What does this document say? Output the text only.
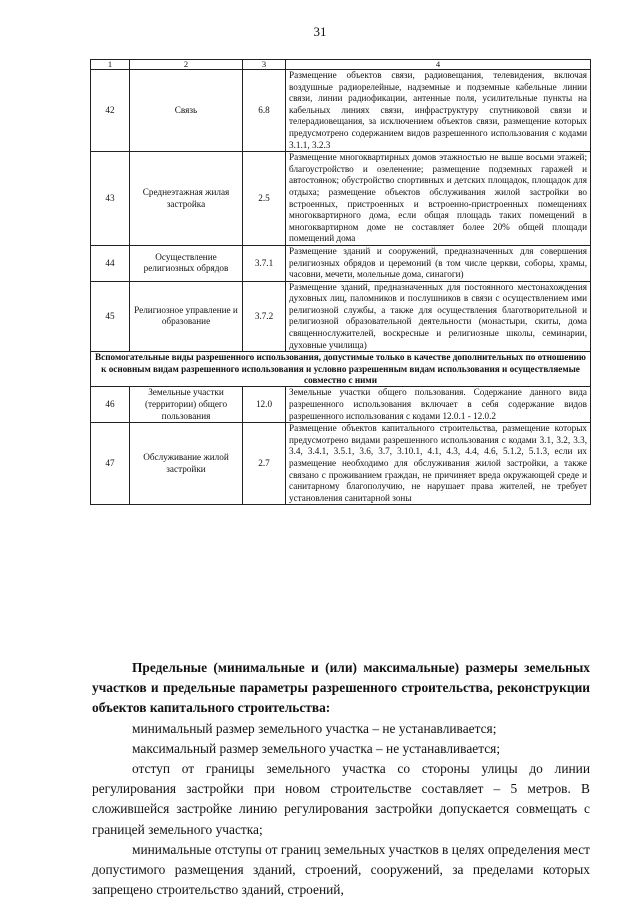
31
1	2	3	4
42	Связь	6.8	Размещение объектов связи, радиовещания, телевидения, включая воздушные радиорелейные, надземные и подземные кабельные линии связи, линии радиофикации, антенные поля, усилительные пункты на кабельных линиях связи, инфраструктуру спутниковой связи и телерадиовещания, за исключением объектов связи, размещение которых предусмотрено содержанием видов разрешенного использования с кодами 3.1.1, 3.2.3
43	Среднеэтажная жилая застройка	2.5	Размещение многоквартирных домов этажностью не выше восьми этажей; благоустройство и озеленение; размещение подземных гаражей и автостоянок; обустройство спортивных и детских площадок, площадок для отдыха; размещение объектов обслуживания жилой застройки во встроенных, пристроенных и встроенно-пристроенных помещениях многоквартирного дома, если общая площадь таких помещений в многоквартирном доме не составляет более 20% общей площади помещений дома
44	Осуществление религиозных обрядов	3.7.1	Размещение зданий и сооружений, предназначенных для совершения религиозных обрядов и церемоний (в том числе церкви, соборы, храмы, часовни, мечети, молельные дома, синагоги)
45	Религиозное управление и образование	3.7.2	Размещение зданий, предназначенных для постоянного местонахождения духовных лиц, паломников и послушников в связи с осуществлением ими религиозной службы, а также для осуществления благотворительной и религиозной образовательной деятельности (монастыри, скиты, дома священнослужителей, воскресные и религиозные школы, семинарии, духовные училища)
Вспомогательные виды разрешенного использования, допустимые только в качестве дополнительных по отношению к основным видам разрешенного использования и условно разрешенным видам использования и осуществляемые совместно с ними			
46	Земельные участки (территории) общего пользования	12.0	Земельные участки общего пользования. Содержание данного вида разрешенного использования включает в себя содержание видов разрешенного использования с кодами 12.0.1 - 12.0.2
47	Обслуживание жилой застройки	2.7	Размещение объектов капитального строительства, размещение которых предусмотрено видами разрешенного использования с кодами 3.1, 3.2, 3.3, 3.4, 3.4.1, 3.5.1, 3.6, 3.7, 3.10.1, 4.1, 4.3, 4.4, 4.6, 5.1.2, 5.1.3, если их размещение необходимо для обслуживания жилой застройки, а также связано с проживанием граждан, не причиняет вреда окружающей среде и санитарному благополучию, не нарушает права жителей, не требует установления санитарной зоны

Предельные (минимальные и (или) максимальные) размеры земельных участков и предельные параметры разрешенного строительства, реконструкции объектов капитального строительства:

минимальный размер земельного участка – не устанавливается;

максимальный размер земельного участка – не устанавливается;

отступ от границы земельного участка со стороны улицы до линии регулирования застройки при новом строительстве составляет – 5 метров. В сложившейся застройке линию регулирования застройки допускается совмещать с границей земельного участка;

минимальные отступы от границ земельных участков в целях определения мест допустимого размещения зданий, строений, сооружений, за пределами которых запрещено строительство зданий, строений,
